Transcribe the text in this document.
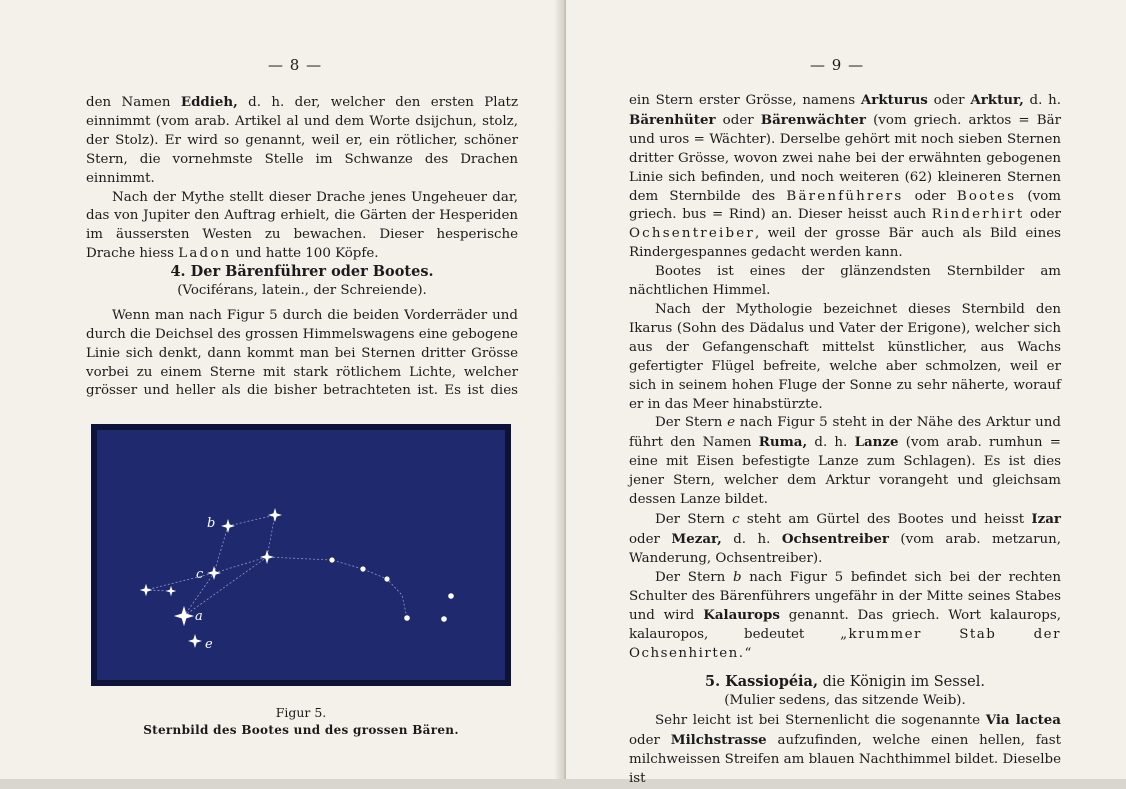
— 8 —

den Namen Eddieh, d. h. der, welcher den ersten Platz einnimmt (vom arab. Artikel al und dem Worte dsijchun, stolz, der Stolz). Er wird so genannt, weil er, ein rötlicher, schöner Stern, die vornehmste Stelle im Schwanze des Drachen einnimmt.

Nach der Mythe stellt dieser Drache jenes Ungeheuer dar, das von Jupiter den Auftrag erhielt, die Gärten der Hesperiden im äussersten Westen zu bewachen. Dieser hesperische Drache hiess Ladon und hatte 100 Köpfe.

4. Der Bärenführer oder Bootes.

(Vociférans, latein., der Schreiende).

Wenn man nach Figur 5 durch die beiden Vorderräder und durch die Deichsel des grossen Himmelswagens eine gebogene Linie sich denkt, dann kommt man bei Sternen dritter Grösse vorbei zu einem Sterne mit stark rötlichem Lichte, welcher grösser und heller als die bisher betrachteten ist. Es ist dies

b
c
a
e
Figur 5.
Sternbild des Bootes und des grossen Bären.
— 9 —

ein Stern erster Grösse, namens Arkturus oder Arktur, d. h. Bärenhüter oder Bärenwächter (vom griech. arktos = Bär und uros = Wächter). Derselbe gehört mit noch sieben Sternen dritter Grösse, wovon zwei nahe bei der erwähnten gebogenen Linie sich befinden, und noch weiteren (62) kleineren Sternen dem Sternbilde des Bärenführers oder Bootes (vom griech. bus = Rind) an. Dieser heisst auch Rinderhirt oder Ochsentreiber, weil der grosse Bär auch als Bild eines Rindergespannes gedacht werden kann.

Bootes ist eines der glänzendsten Sternbilder am nächtlichen Himmel.

Nach der Mythologie bezeichnet dieses Sternbild den Ikarus (Sohn des Dädalus und Vater der Erigone), welcher sich aus der Gefangenschaft mittelst künstlicher, aus Wachs gefertigter Flügel befreite, welche aber schmolzen, weil er sich in seinem hohen Fluge der Sonne zu sehr näherte, worauf er in das Meer hinabstürzte.

Der Stern e nach Figur 5 steht in der Nähe des Arktur und führt den Namen Ruma, d. h. Lanze (vom arab. rumhun = eine mit Eisen befestigte Lanze zum Schlagen). Es ist dies jener Stern, welcher dem Arktur vorangeht und gleichsam dessen Lanze bildet.

Der Stern c steht am Gürtel des Bootes und heisst Izar oder Mezar, d. h. Ochsentreiber (vom arab. metzarun, Wanderung, Ochsentreiber).

Der Stern b nach Figur 5 befindet sich bei der rechten Schulter des Bärenführers ungefähr in der Mitte seines Stabes und wird Kalaurops genannt. Das griech. Wort kalaurops, kalauropos, bedeutet „krummer Stab der Ochsenhirten.“

5. Kassiopéia, die Königin im Sessel.

(Mulier sedens, das sitzende Weib).

Sehr leicht ist bei Sternenlicht die sogenannte Via lactea oder Milchstrasse aufzufinden, welche einen hellen, fast milchweissen Streifen am blauen Nachthimmel bildet. Dieselbe ist
